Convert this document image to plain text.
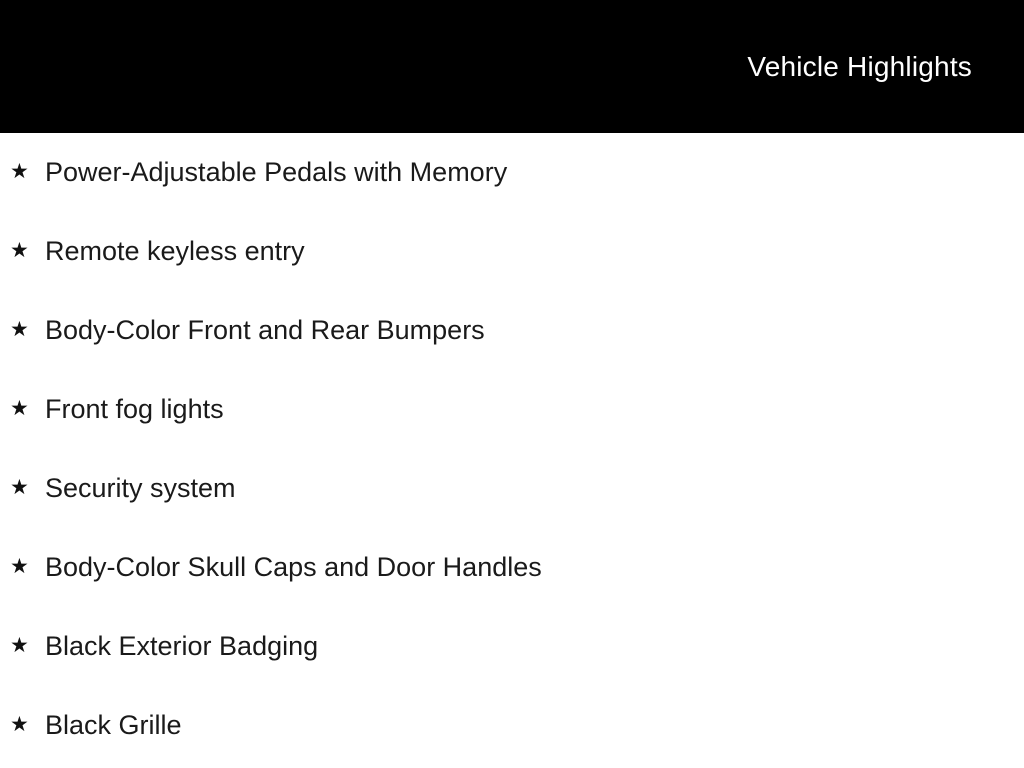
Vehicle Highlights
★ Power-Adjustable Pedals with Memory
★ Remote keyless entry
★ Body-Color Front and Rear Bumpers
★ Front fog lights
★ Security system
★ Body-Color Skull Caps and Door Handles
★ Black Exterior Badging
★ Black Grille
